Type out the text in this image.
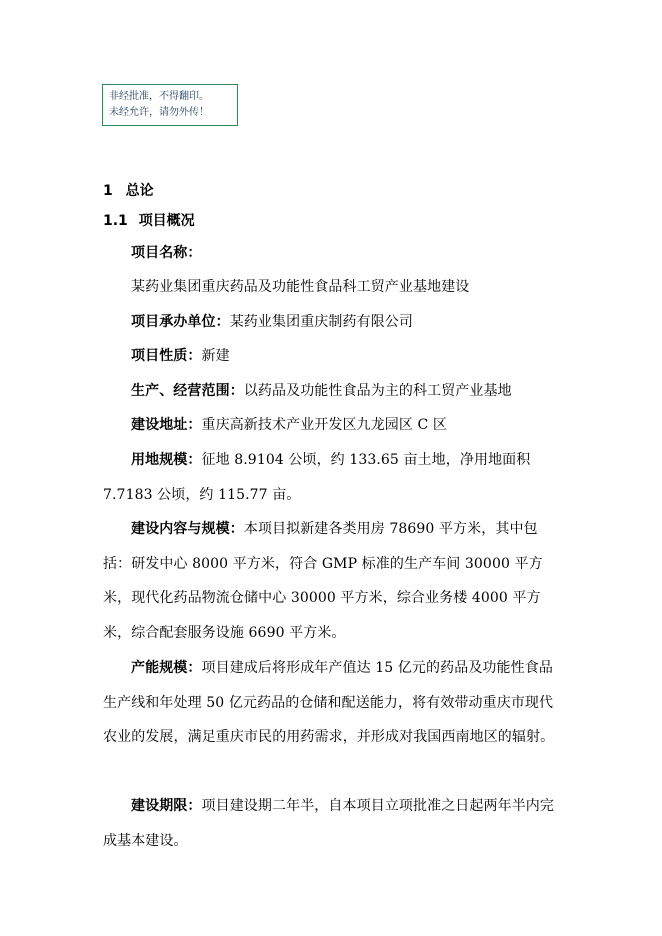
非经批准，不得翻印。
未经允许，请勿外传！
1 总论
1.1 项目概况
项目名称：
某药业集团重庆药品及功能性食品科工贸产业基地建设
项目承办单位：某药业集团重庆制药有限公司
项目性质：新建
生产、经营范围：以药品及功能性食品为主的科工贸产业基地
建设地址：重庆高新技术产业开发区九龙园区 C 区
用地规模：征地 8.9104 公顷，约 133.65 亩土地，净用地面积 7.7183 公顷，约 115.77 亩。
建设内容与规模：本项目拟新建各类用房 78690 平方米，其中包括：研发中心 8000 平方米，符合 GMP 标准的生产车间 30000 平方米，现代化药品物流仓储中心 30000 平方米，综合业务楼 4000 平方米，综合配套服务设施 6690 平方米。
产能规模：项目建成后将形成年产值达 15 亿元的药品及功能性食品生产线和年处理 50 亿元药品的仓储和配送能力，将有效带动重庆市现代农业的发展，满足重庆市民的用药需求，并形成对我国西南地区的辐射。
建设期限：项目建设期二年半，自本项目立项批准之日起两年半内完成基本建设。
